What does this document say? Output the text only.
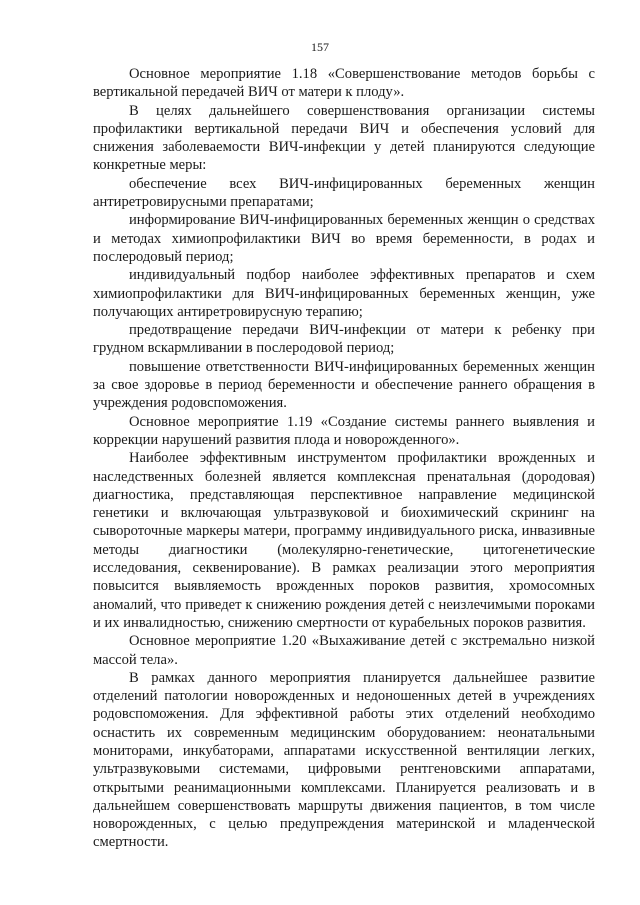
157

Основное мероприятие 1.18 «Совершенствование методов борьбы с вертикальной передачей ВИЧ от матери к плоду».

В целях дальнейшего совершенствования организации системы профилактики вертикальной передачи ВИЧ и обеспечения условий для снижения заболеваемости ВИЧ-инфекции у детей планируются следующие конкретные меры:

обеспечение всех ВИЧ-инфицированных беременных женщин антиретровирусными препаратами;

информирование ВИЧ-инфицированных беременных женщин о средствах и методах химиопрофилактики ВИЧ во время беременности, в родах и послеродовый период;

индивидуальный подбор наиболее эффективных препаратов и схем химиопрофилактики для ВИЧ-инфицированных беременных женщин, уже получающих антиретровирусную терапию;

предотвращение передачи ВИЧ-инфекции от матери к ребенку при грудном вскармливании в послеродовой период;

повышение ответственности ВИЧ-инфицированных беременных женщин за свое здоровье в период беременности и обеспечение раннего обращения в учреждения родовспоможения.

Основное мероприятие 1.19 «Создание системы раннего выявления и коррекции нарушений развития плода и новорожденного».

Наиболее эффективным инструментом профилактики врожденных и наследственных болезней является комплексная пренатальная (дородовая) диагностика, представляющая перспективное направление медицинской генетики и включающая ультразвуковой и биохимический скрининг на сывороточные маркеры матери, программу индивидуального риска, инвазивные методы диагностики (молекулярно-генетические, цитогенетические исследования, секвенирование). В рамках реализации этого мероприятия повысится выявляемость врожденных пороков развития, хромосомных аномалий, что приведет к снижению рождения детей с неизлечимыми пороками и их инвалидностью, снижению смертности от курабельных пороков развития.

Основное мероприятие 1.20 «Выхаживание детей с экстремально низкой массой тела».

В рамках данного мероприятия планируется дальнейшее развитие отделений патологии новорожденных и недоношенных детей в учреждениях родовспоможения. Для эффективной работы этих отделений необходимо оснастить их современным медицинским оборудованием: неонатальными мониторами, инкубаторами, аппаратами искусственной вентиляции легких, ультразвуковыми системами, цифровыми рентгеновскими аппаратами, открытыми реанимационными комплексами. Планируется реализовать и в дальнейшем совершенствовать маршруты движения пациентов, в том числе новорожденных, с целью предупреждения материнской и младенческой смертности.
